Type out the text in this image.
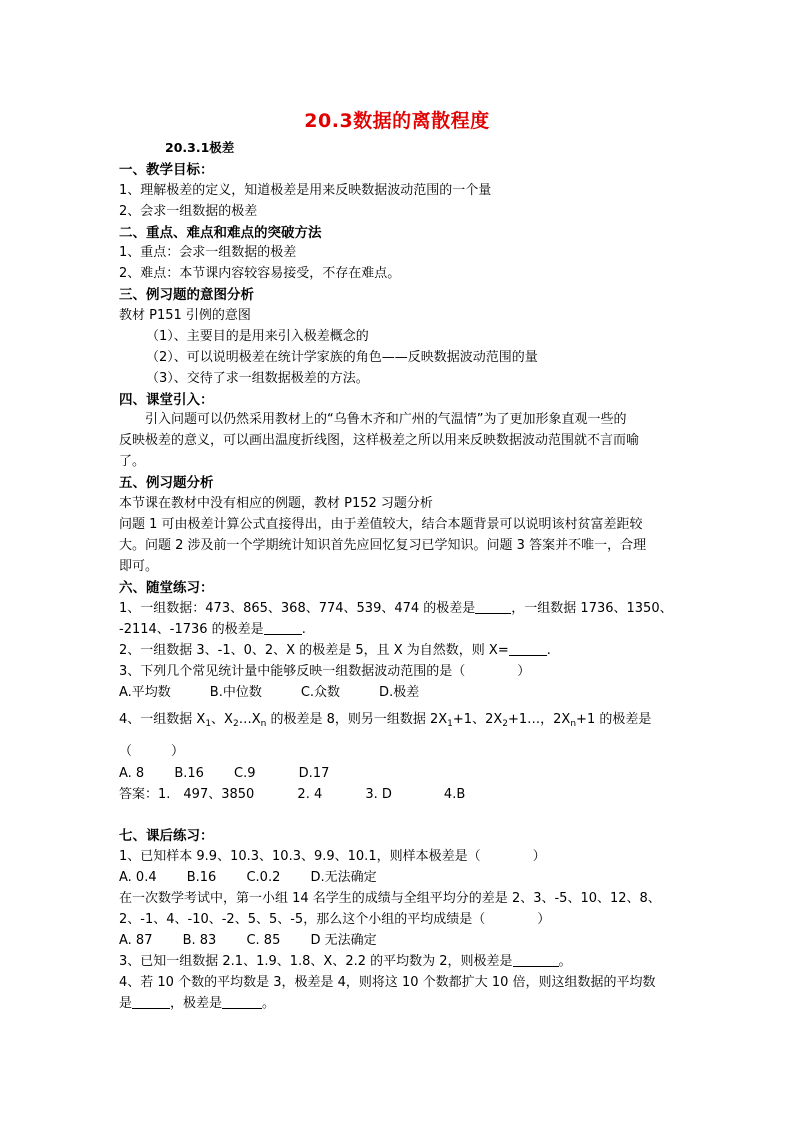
20.3数据的离散程度
20.3.1极差
一、教学目标：
1、理解极差的定义，知道极差是用来反映数据波动范围的一个量
2、会求一组数据的极差
二、重点、难点和难点的突破方法
1、重点：会求一组数据的极差
2、难点：本节课内容较容易接受，不存在难点。
三、例习题的意图分析
教材 P151 引例的意图
（1）、主要目的是用来引入极差概念的
（2）、可以说明极差在统计学家族的角色——反映数据波动范围的量
（3）、交待了求一组数据极差的方法。
四、课堂引入：
　　引入问题可以仍然采用教材上的“乌鲁木齐和广州的气温情”为了更加形象直观一些的
反映极差的意义，可以画出温度折线图，这样极差之所以用来反映数据波动范围就不言而喻
了。
五、例习题分析
本节课在教材中没有相应的例题，教材 P152 习题分析
问题 1 可由极差计算公式直接得出，由于差值较大，结合本题背景可以说明该村贫富差距较
大。问题 2 涉及前一个学期统计知识首先应回忆复习已学知识。问题 3 答案并不唯一，合理
即可。
六、随堂练习：
1、一组数据：473、865、368、774、539、474 的极差是	，一组数据 1736、1350、
-2114、-1736 的极差是	.
2、一组数据 3、-1、0、2、X 的极差是 5，且 X 为自然数，则 X=	.
3、下列几个常见统计量中能够反映一组数据波动范围的是（　　　　）
A.平均数　　　B.中位数　　　C.众数　　　D.极差
4、一组数据 $X_1$、$X_2\dots X_n$ 的极差是 8，则另一组数据 $2X_1+1$、$2X_2+1\dots$，$2X_n+1$ 的极差是
（　　　）
A. 8　　 B.16　　 C.9　　　 D.17
答案：1.　497、3850　　　 2. 4　　　 3. D　　　　4.B
七、课后练习：
1、已知样本 9.9、10.3、10.3、9.9、10.1，则样本极差是（　　　　）
A. 0.4　　 B.16　　 C.0.2　　 D.无法确定
在一次数学考试中，第一小组 14 名学生的成绩与全组平均分的差是 2、3、-5、10、12、8、
2、-1、4、-10、-2、5、5、-5，那么这个小组的平均成绩是（　　　　）
A. 87　　 B. 83　　 C. 85　　 D 无法确定
3、已知一组数据 2.1、1.9、1.8、X、2.2 的平均数为 2，则极差是	。
4、若 10 个数的平均数是 3，极差是 4，则将这 10 个数都扩大 10 倍，则这组数据的平均数
是	，极差是	。
